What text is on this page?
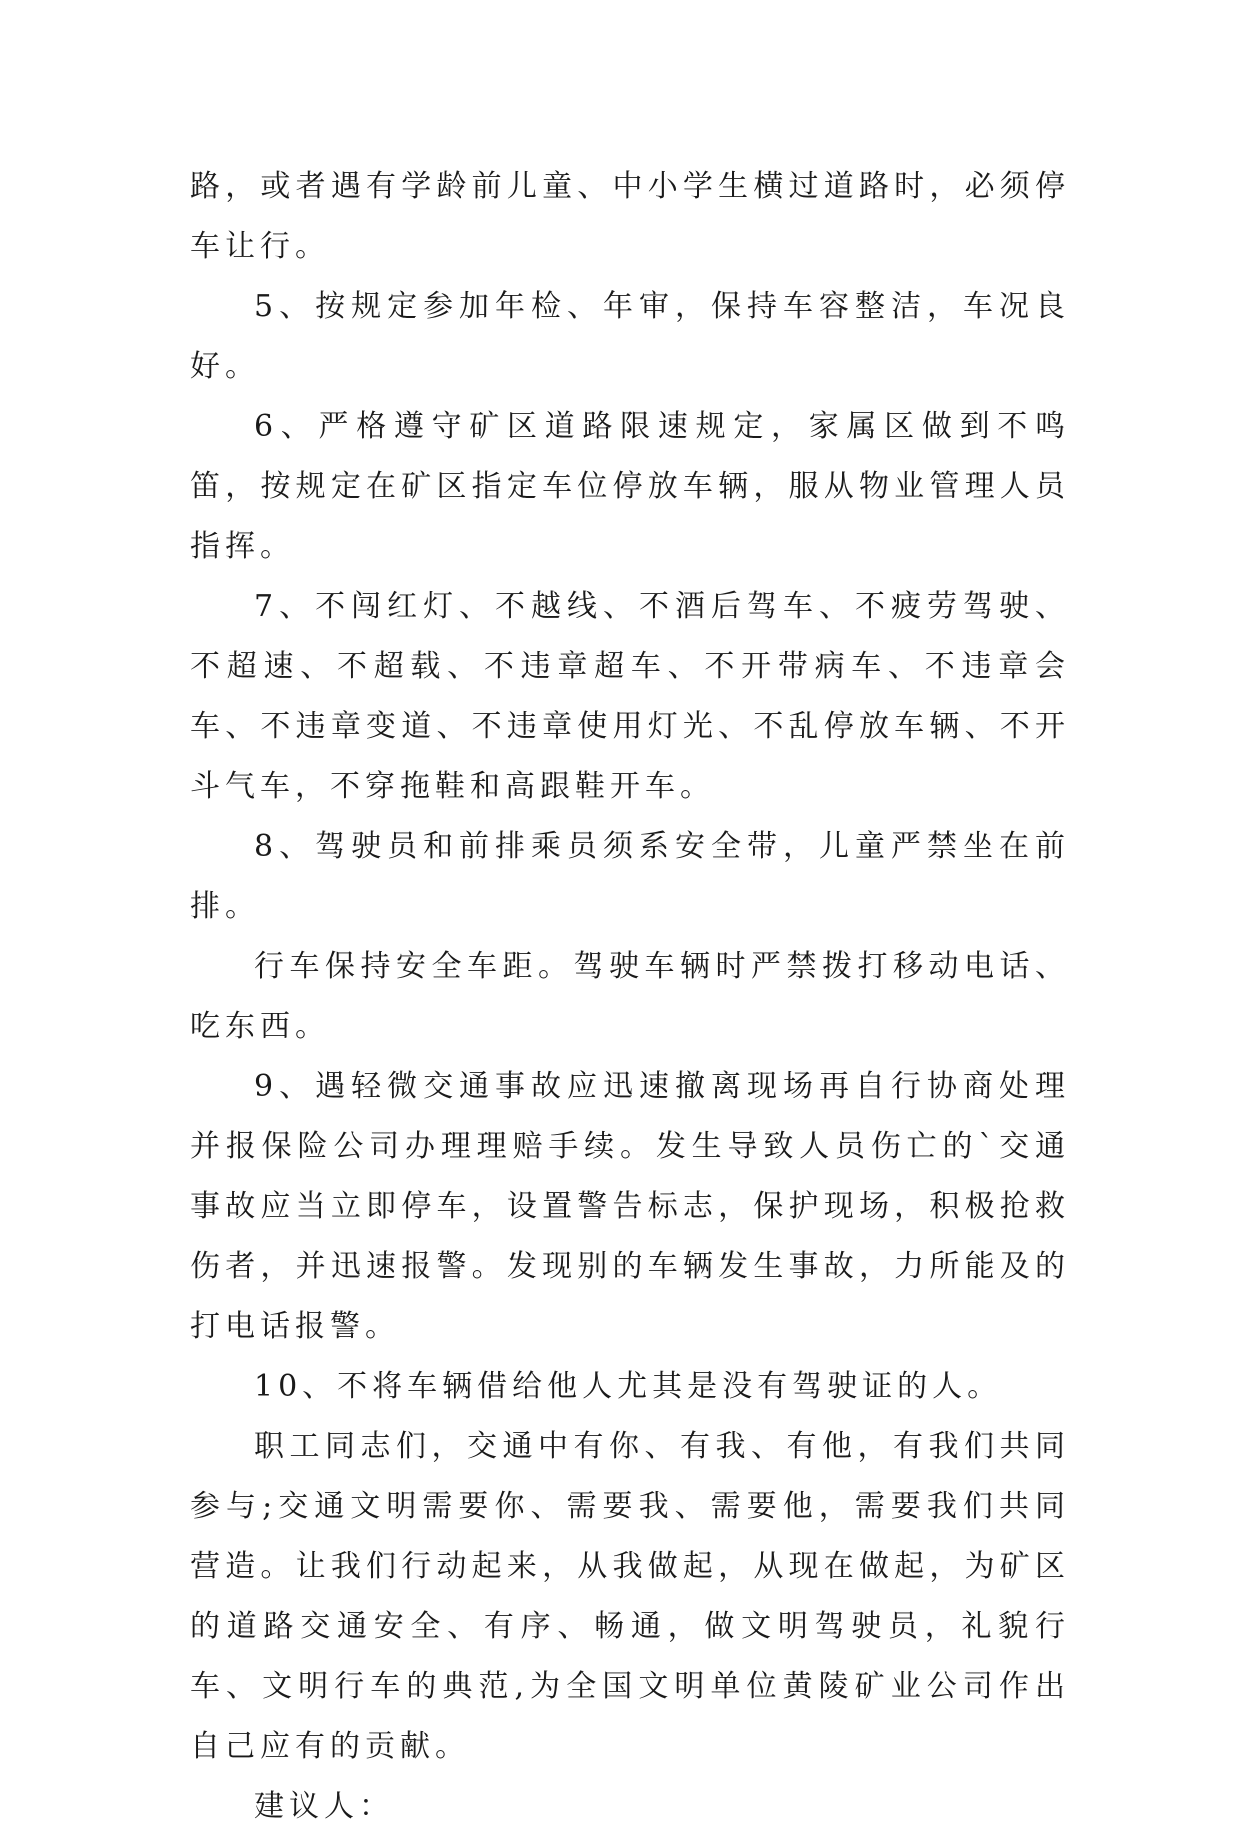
路，或者遇有学龄前儿童、中小学生横过道路时，必须停车让行。

5、按规定参加年检、年审，保持车容整洁，车况良好。

6、严格遵守矿区道路限速规定，家属区做到不鸣笛，按规定在矿区指定车位停放车辆，服从物业管理人员指挥。

7、不闯红灯、不越线、不酒后驾车、不疲劳驾驶、不超速、不超载、不违章超车、不开带病车、不违章会车、不违章变道、不违章使用灯光、不乱停放车辆、不开斗气车，不穿拖鞋和高跟鞋开车。

8、驾驶员和前排乘员须系安全带，儿童严禁坐在前排。

行车保持安全车距。驾驶车辆时严禁拨打移动电话、吃东西。

9、遇轻微交通事故应迅速撤离现场再自行协商处理并报保险公司办理理赔手续。发生导致人员伤亡的`交通事故应当立即停车，设置警告标志，保护现场，积极抢救伤者，并迅速报警。发现别的车辆发生事故，力所能及的打电话报警。

10、不将车辆借给他人尤其是没有驾驶证的人。

职工同志们，交通中有你、有我、有他，有我们共同参与;交通文明需要你、需要我、需要他，需要我们共同营造。让我们行动起来，从我做起，从现在做起，为矿区的道路交通安全、有序、畅通，做文明驾驶员，礼貌行车、文明行车的典范,为全国文明单位黄陵矿业公司作出自己应有的贡献。

建议人：
